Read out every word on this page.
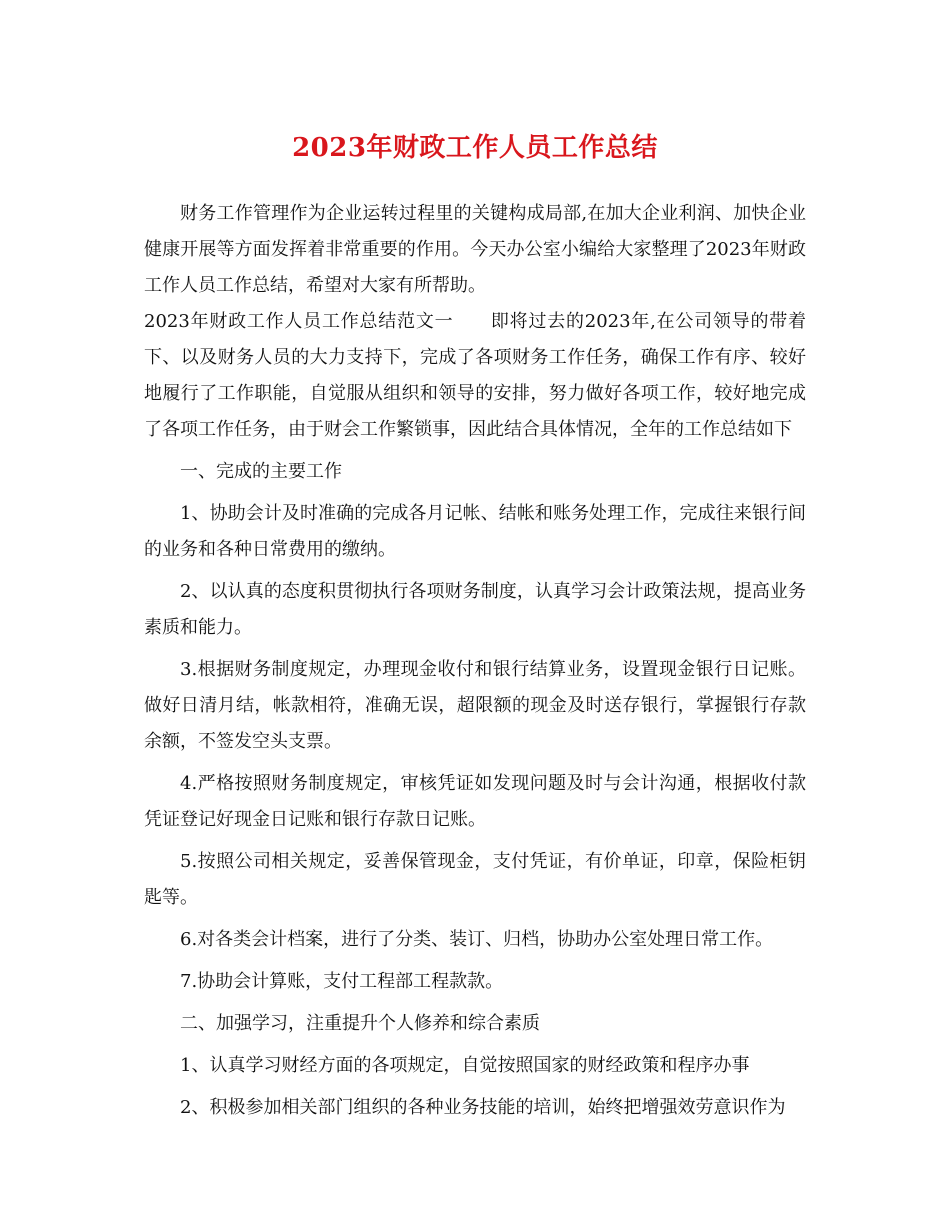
2023年财政工作人员工作总结

财务工作管理作为企业运转过程里的关键构成局部,在加大企业利润、加快企业健康开展等方面发挥着非常重要的作用。今天办公室小编给大家整理了2023年财政工作人员工作总结，希望对大家有所帮助。

2023年财政工作人员工作总结范文一　　即将过去的2023年,在公司领导的带着下、以及财务人员的大力支持下，完成了各项财务工作任务，确保工作有序、较好地履行了工作职能，自觉服从组织和领导的安排，努力做好各项工作，较好地完成了各项工作任务，由于财会工作繁锁事，因此结合具体情况，全年的工作总结如下

一、完成的主要工作

1、协助会计及时准确的完成各月记帐、结帐和账务处理工作，完成往来银行间的业务和各种日常费用的缴纳。

2、以认真的态度积贯彻执行各项财务制度，认真学习会计政策法规，提高业务素质和能力。

3.根据财务制度规定，办理现金收付和银行结算业务，设置现金银行日记账。做好日清月结，帐款相符，准确无误，超限额的现金及时送存银行，掌握银行存款余额，不签发空头支票。

4.严格按照财务制度规定，审核凭证如发现问题及时与会计沟通，根据收付款凭证登记好现金日记账和银行存款日记账。

5.按照公司相关规定，妥善保管现金，支付凭证，有价单证，印章，保险柜钥匙等。

6.对各类会计档案，进行了分类、装订、归档，协助办公室处理日常工作。

7.协助会计算账，支付工程部工程款款。

二、加强学习，注重提升个人修养和综合素质

1、认真学习财经方面的各项规定，自觉按照国家的财经政策和程序办事

2、积极参加相关部门组织的各种业务技能的培训，始终把增强效劳意识作为
